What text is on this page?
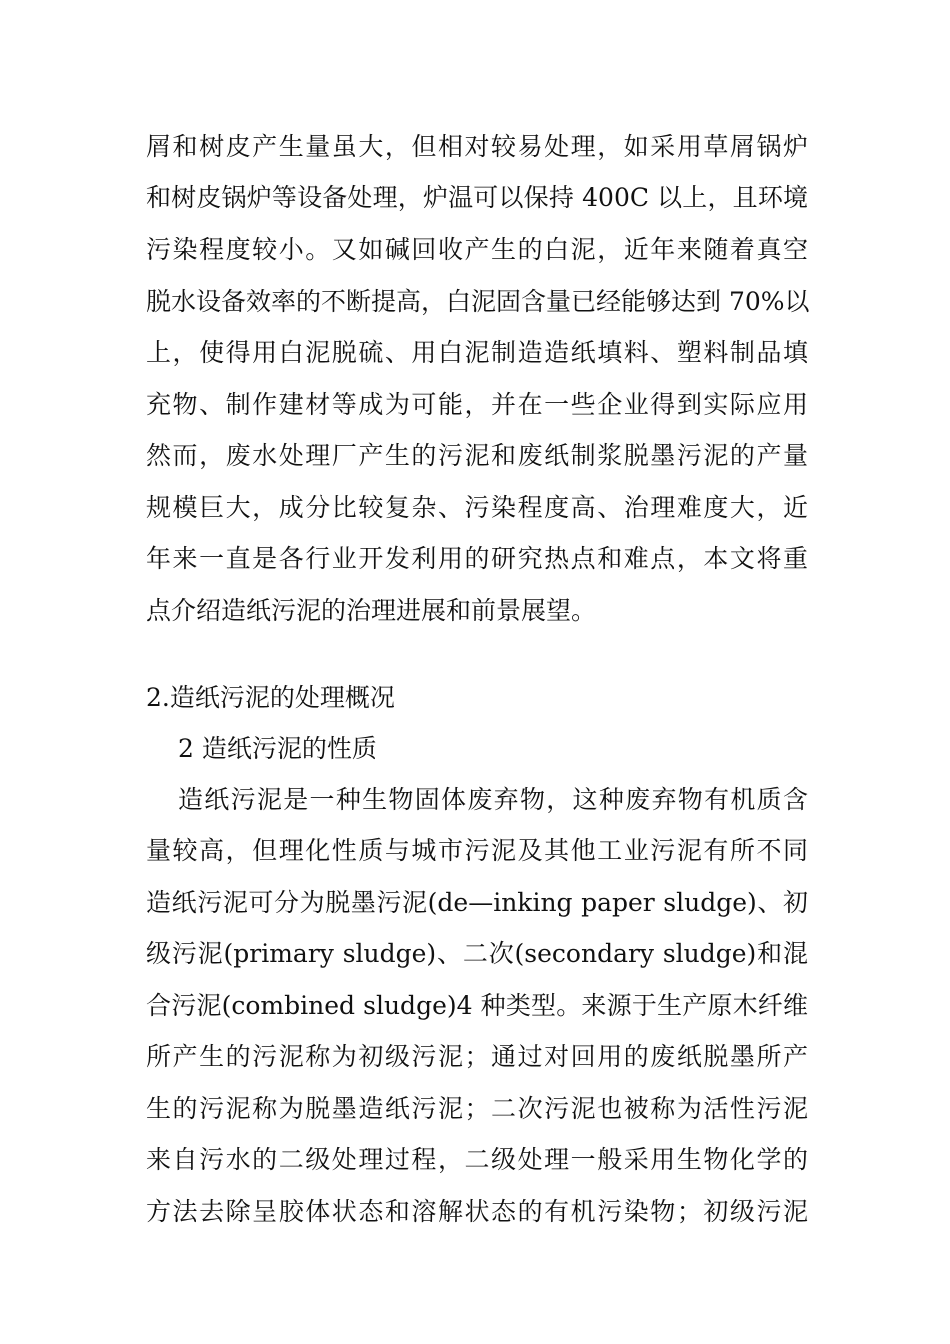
屑和树皮产生量虽大，但相对较易处理，如采用草屑锅炉
和树皮锅炉等设备处理，炉温可以保持 400C 以上，且环境
污染程度较小。又如碱回收产生的白泥，近年来随着真空
脱水设备效率的不断提高，白泥固含量已经能够达到 70%以
上，使得用白泥脱硫、用白泥制造造纸填料、塑料制品填
充物、制作建材等成为可能，并在一些企业得到实际应用
然而，废水处理厂产生的污泥和废纸制浆脱墨污泥的产量
规模巨大，成分比较复杂、污染程度高、治理难度大，近
年来一直是各行业开发利用的研究热点和难点，本文将重
点介绍造纸污泥的治理进展和前景展望。
2.造纸污泥的处理概况
2 造纸污泥的性质
造纸污泥是一种生物固体废弃物，这种废弃物有机质含
量较高，但理化性质与城市污泥及其他工业污泥有所不同
造纸污泥可分为脱墨污泥(de—inking paper sludge)、初
级污泥(primary sludge)、二次(secondary sludge)和混
合污泥(combined sludge)4 种类型。来源于生产原木纤维
所产生的污泥称为初级污泥；通过对回用的废纸脱墨所产
生的污泥称为脱墨造纸污泥；二次污泥也被称为活性污泥
来自污水的二级处理过程，二级处理一般采用生物化学的
方法去除呈胶体状态和溶解状态的有机污染物；初级污泥
